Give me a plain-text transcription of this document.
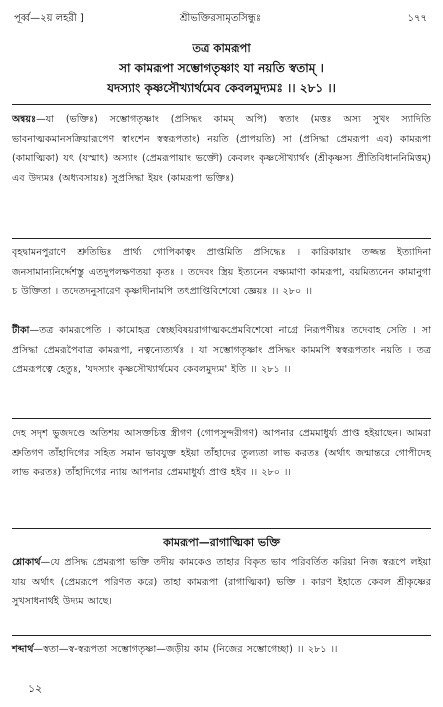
পূর্ব্ব—২য় লহরী ]	শ্রীভক্তিরসামৃতসিন্ধুঃ	১৭৭
তত্র কামরূপা
সা কামরূপা সম্ভোগতৃষ্ণাং যা নয়তি স্বতাম্ ।
যদস্যাং কৃষ্ণসৌখ্যার্থমেব কেবলমুদ্যমঃ ।। ২৮১ ।।
অন্বয়ঃ—যা (ভক্তিঃ) সম্ভোগতৃষ্ণাং (প্রসিদ্ধং কামম্ অপি) স্বতাং (মত্তঃ অস্য সুখং স্যাদিতি ভাবনাত্মকমানসক্রিয়ারূপেণ স্বাংশেন স্বস্বরূপতাং) নয়তি (প্রাপয়তি) সা (প্রসিদ্ধা প্রেমরূপা এব) কামরূপা (কামাত্মিকা) যৎ (যস্মাৎ) অস্যাং (প্রেমরূপায়াং ভক্তৌ) কেবলং কৃষ্ণসৌখ্যার্থং (শ্রীকৃষ্ণস্য প্রীতিবিধাননিমিত্তম্) এব উদ্যমঃ (অধ্যবসায়ঃ) সুপ্রসিদ্ধা ইয়ং (কামরূপা ভক্তিঃ)
বৃহদ্বামনপুরাণে শ্রুতিভিঃ প্রার্থ্য গোপিকাত্বং প্রাপ্তমিতি প্রসিদ্ধেঃ । কারিকায়াং তজ্জন্ত ইত্যাদিনা জনসামান্যনির্দ্দেশস্তু এতদুপলক্ষণতয়া কৃতঃ । তদেবং স্ত্রিয় ইত্যনেন বক্ষ্যমাণা কামরূপা, বয়মিত্যনেন কামানুগা চ উক্তিতা । তদেতদনুসারেণ কৃষ্ণাদীনামপি তৎপ্রাপ্তিবিশেষো জ্ঞেয়ঃ ।। ২৮০ ।।
টীকা—তত্র কামরূপেতি । কামোহত্র স্বেচ্ছবিষয়রাগাত্মকপ্রেমবিশেষো নাগ্রে নিরূপণীয়ঃ তদেবাহ সেতি । সা প্রসিদ্ধা প্রেমরূপৈবাত্র কামরূপা, নত্বন্যেত্যর্থঃ । যা সম্ভোগতৃষ্ণাং প্রসিদ্ধং কামমপি স্বস্বরূপতাং নয়তি । তত্র প্রেমরূপত্বে হেতুঃ, 'যদস্যাং কৃষ্ণসৌখ্যার্থমেব কেবলমুদ্যম' ইতি ।। ২৮১ ।।
দেহ সদৃশ ভুজদণ্ডে অতিশয় আসক্তচিত্ত স্ত্রীগণ (গোপসুন্দরীগণ) আপনার প্রেমমাধুর্য্য প্রাপ্ত হইয়াছেন। আমরা শ্রুতিগণ তাঁহাদিগের সহিত সমান ভাবযুক্ত হইয়া তাঁহাদের তুল্যতা লাভ করতঃ (অর্থাৎ জন্মান্তরে গোপীদেহ লাভ করতঃ) তাঁহাদিগের ন্যায় আপনার প্রেমমাধুর্য্য প্রাপ্ত হইব ।। ২৮০ ।।
কামরূপা—রাগাত্মিকা ভক্তি
শ্লোকার্থ—যে প্রসিদ্ধ প্রেমরূপা ভক্তি তদীয় কামকেও তাহার বিকৃত ভাব পরিবর্তিত করিয়া নিজ স্বরূপে লইয়া যায় অর্থাৎ (প্রেমরূপে পরিণত করে) তাহা কামরূপা (রাগাত্মিকা) ভক্তি । কারণ ইহাতে কেবল শ্রীকৃষ্ণের সুখসাধনার্থই উদ্যম আছে।
শব্দার্থ—স্বতা—স্ব-স্বরূপতা সম্ভোগতৃষ্ণা—জড়ীয় কাম (নিজের সম্ভোগেচ্ছা) ।। ২৮১ ।।
১২
